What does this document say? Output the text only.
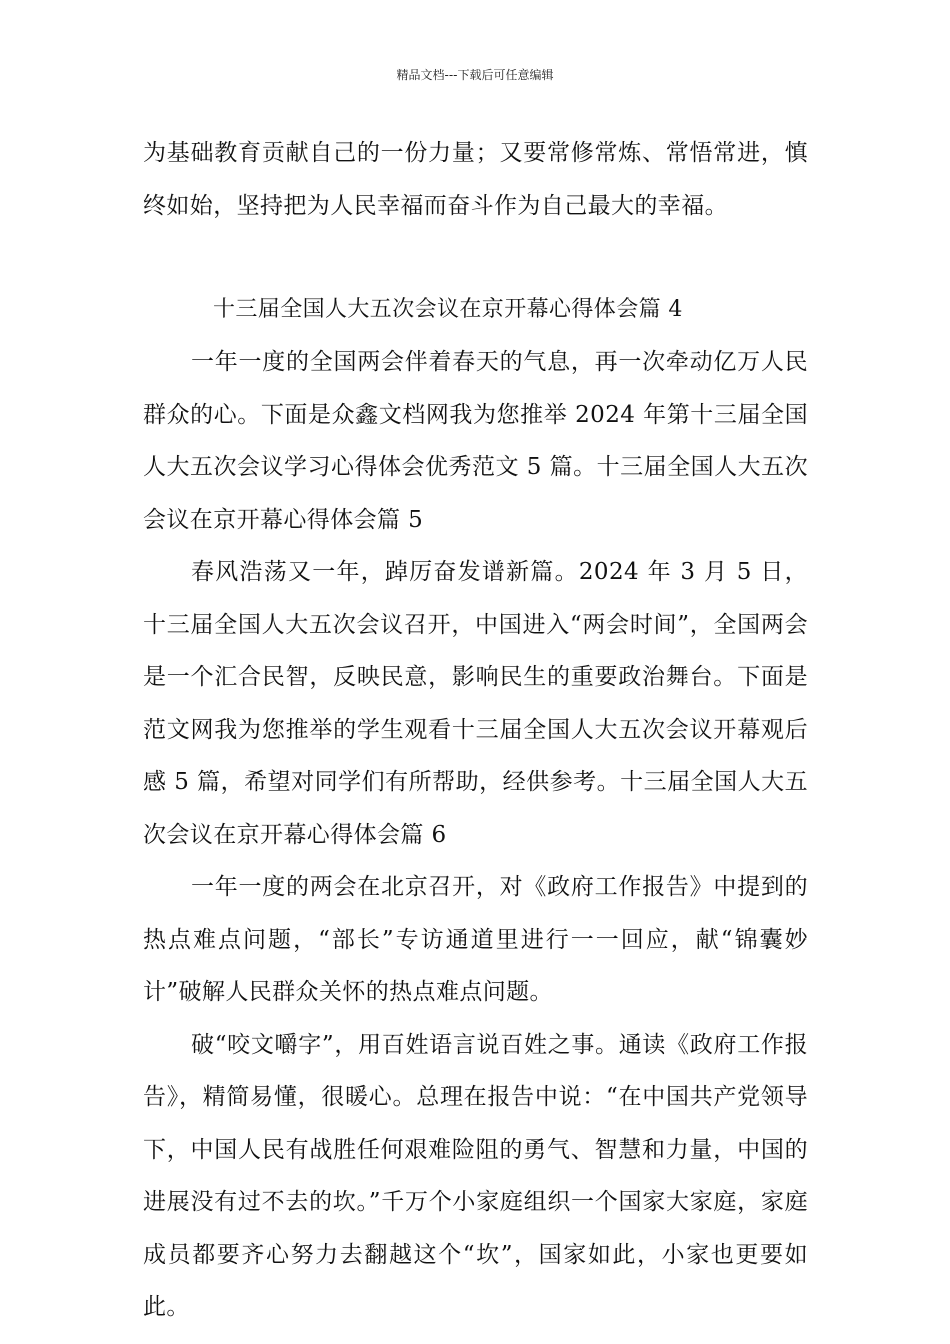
精品文档---下载后可任意编辑

为基础教育贡献自己的一份力量；又要常修常炼、常悟常进，慎终如始，坚持把为人民幸福而奋斗作为自己最大的幸福。

十三届全国人大五次会议在京开幕心得体会篇 4

一年一度的全国两会伴着春天的气息，再一次牵动亿万人民群众的心。下面是众鑫文档网我为您推举 2024 年第十三届全国人大五次会议学习心得体会优秀范文 5 篇。十三届全国人大五次会议在京开幕心得体会篇 5

春风浩荡又一年，踔厉奋发谱新篇。2024 年 3 月 5 日，十三届全国人大五次会议召开，中国进入“两会时间”，全国两会是一个汇合民智，反映民意，影响民生的重要政治舞台。下面是范文网我为您推举的学生观看十三届全国人大五次会议开幕观后感 5 篇，希望对同学们有所帮助，经供参考。十三届全国人大五次会议在京开幕心得体会篇 6

一年一度的两会在北京召开，对《政府工作报告》中提到的热点难点问题，“部长”专访通道里进行一一回应，献“锦囊妙计”破解人民群众关怀的热点难点问题。

破“咬文嚼字”，用百姓语言说百姓之事。通读《政府工作报告》，精简易懂，很暖心。总理在报告中说：“在中国共产党领导下，中国人民有战胜任何艰难险阻的勇气、智慧和力量，中国的进展没有过不去的坎。”千万个小家庭组织一个国家大家庭，家庭成员都要齐心努力去翻越这个“坎”，国家如此，小家也更要如此。
